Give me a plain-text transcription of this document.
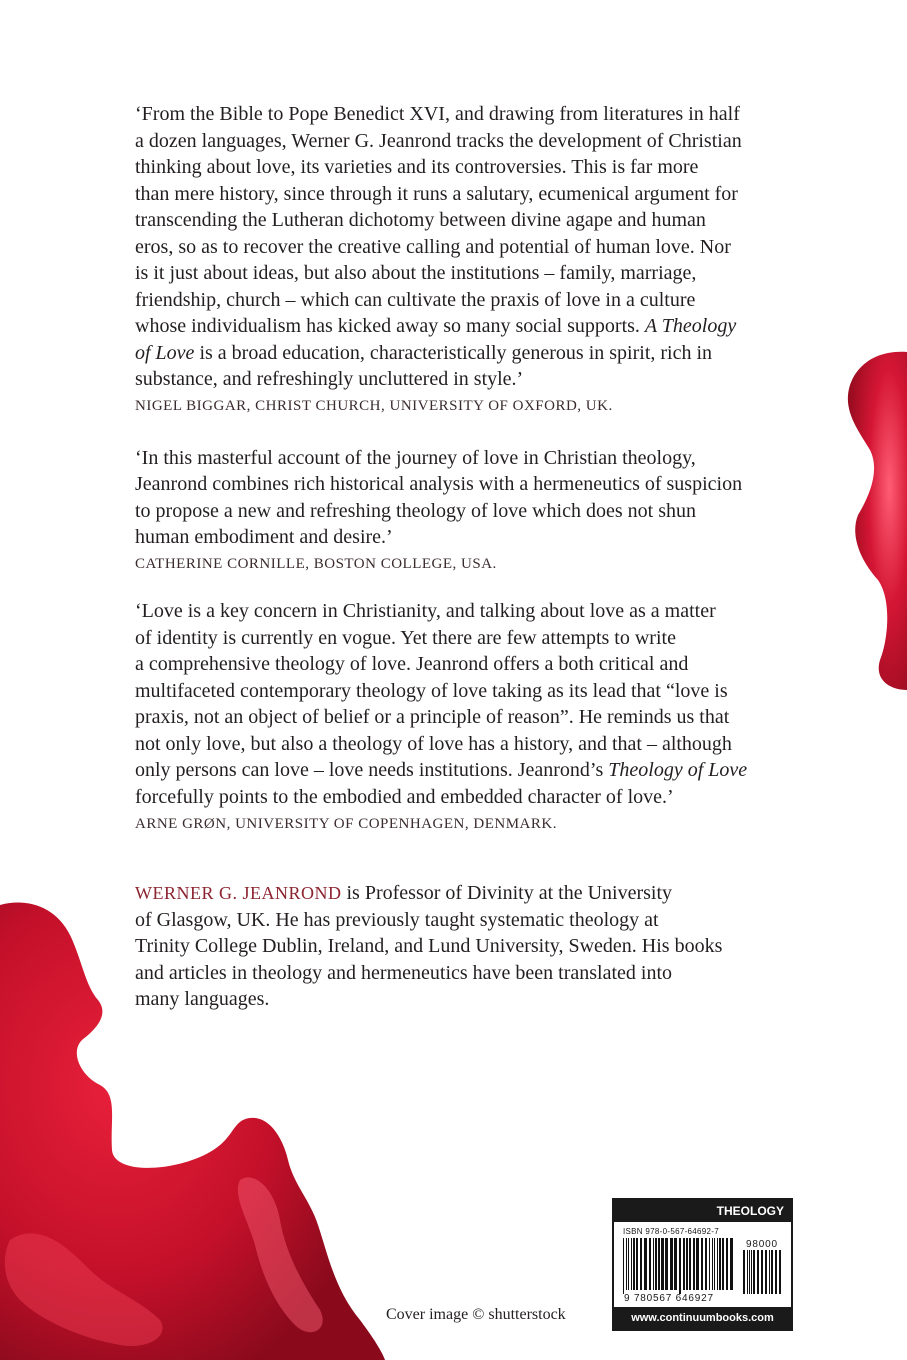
‘From the Bible to Pope Benedict XVI, and drawing from literatures in half
a dozen languages, Werner G. Jeanrond tracks the development of Christian
thinking about love, its varieties and its controversies. This is far more
than mere history, since through it runs a salutary, ecumenical argument for
transcending the Lutheran dichotomy between divine agape and human
eros, so as to recover the creative calling and potential of human love. Nor
is it just about ideas, but also about the institutions – family, marriage,
friendship, church – which can cultivate the praxis of love in a culture
whose individualism has kicked away so many social supports. A Theology
of Love is a broad education, characteristically generous in spirit, rich in
substance, and refreshingly uncluttered in style.’
NIGEL BIGGAR, CHRIST CHURCH, UNIVERSITY OF OXFORD, UK.
‘In this masterful account of the journey of love in Christian theology,
Jeanrond combines rich historical analysis with a hermeneutics of suspicion
to propose a new and refreshing theology of love which does not shun
human embodiment and desire.’
CATHERINE CORNILLE, BOSTON COLLEGE, USA.
‘Love is a key concern in Christianity, and talking about love as a matter
of identity is currently en vogue. Yet there are few attempts to write
a comprehensive theology of love. Jeanrond offers a both critical and
multifaceted contemporary theology of love taking as its lead that “love is
praxis, not an object of belief or a principle of reason”. He reminds us that
not only love, but also a theology of love has a history, and that – although
only persons can love – love needs institutions. Jeanrond’s Theology of Love
forcefully points to the embodied and embedded character of love.’
ARNE GRØN, UNIVERSITY OF COPENHAGEN, DENMARK.
WERNER G. JEANROND is Professor of Divinity at the University
of Glasgow, UK. He has previously taught systematic theology at
Trinity College Dublin, Ireland, and Lund University, Sweden. His books
and articles in theology and hermeneutics have been translated into
many languages.
Cover image © shutterstock
THEOLOGY
ISBN 978-0-567-64692-7
98000
9 780567 646927
www.continuumbooks.com
